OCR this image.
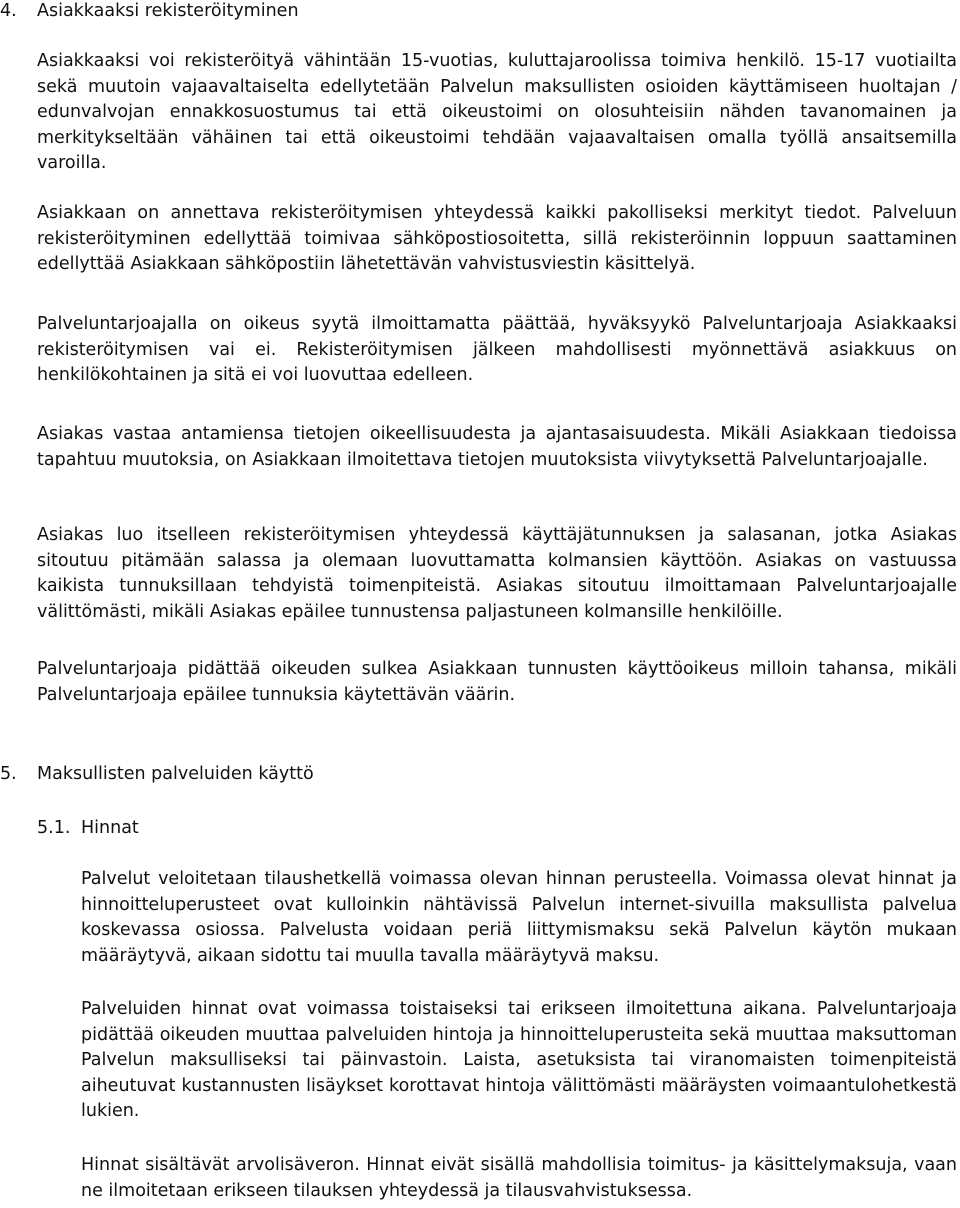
4. Asiakkaaksi rekisteröityminen

Asiakkaaksi voi rekisteröityä vähintään 15-vuotias, kuluttajaroolissa toimiva henkilö. 15-17 vuotiailta sekä muutoin vajaavaltaiselta edellytetään Palvelun maksullisten osioiden käyttämiseen huoltajan / edunvalvojan ennakkosuostumus tai että oikeustoimi on olosuhteisiin nähden tavanomainen ja merkitykseltään vähäinen tai että oikeustoimi tehdään vajaavaltaisen omalla työllä ansaitsemilla varoilla.

Asiakkaan on annettava rekisteröitymisen yhteydessä kaikki pakolliseksi merkityt tiedot. Palveluun rekisteröityminen edellyttää toimivaa sähköpostiosoitetta, sillä rekisteröinnin loppuun saattaminen edellyttää Asiakkaan sähköpostiin lähetettävän vahvistusviestin käsittelyä.

Palveluntarjoajalla on oikeus syytä ilmoittamatta päättää, hyväksyykö Palveluntarjoaja Asiakkaaksi rekisteröitymisen vai ei. Rekisteröitymisen jälkeen mahdollisesti myönnettävä asiakkuus on henkilökohtainen ja sitä ei voi luovuttaa edelleen.

Asiakas vastaa antamiensa tietojen oikeellisuudesta ja ajantasaisuudesta. Mikäli Asiakkaan tiedoissa tapahtuu muutoksia, on Asiakkaan ilmoitettava tietojen muutoksista viivytyksettä Palveluntarjoajalle.

Asiakas luo itselleen rekisteröitymisen yhteydessä käyttäjätunnuksen ja salasanan, jotka Asiakas sitoutuu pitämään salassa ja olemaan luovuttamatta kolmansien käyttöön. Asiakas on vastuussa kaikista tunnuksillaan tehdyistä toimenpiteistä. Asiakas sitoutuu ilmoittamaan Palveluntarjoajalle välittömästi, mikäli Asiakas epäilee tunnustensa paljastuneen kolmansille henkilöille.

Palveluntarjoaja pidättää oikeuden sulkea Asiakkaan tunnusten käyttöoikeus milloin tahansa, mikäli Palveluntarjoaja epäilee tunnuksia käytettävän väärin.

5. Maksullisten palveluiden käyttö
5.1. Hinnat

Palvelut veloitetaan tilaushetkellä voimassa olevan hinnan perusteella. Voimassa olevat hinnat ja hinnoitteluperusteet ovat kulloinkin nähtävissä Palvelun internet-sivuilla maksullista palvelua koskevassa osiossa. Palvelusta voidaan periä liittymismaksu sekä Palvelun käytön mukaan määräytyvä, aikaan sidottu tai muulla tavalla määräytyvä maksu.

Palveluiden hinnat ovat voimassa toistaiseksi tai erikseen ilmoitettuna aikana. Palveluntarjoaja pidättää oikeuden muuttaa palveluiden hintoja ja hinnoitteluperusteita sekä muuttaa maksuttoman Palvelun maksulliseksi tai päinvastoin. Laista, asetuksista tai viranomaisten toimenpiteistä aiheutuvat kustannusten lisäykset korottavat hintoja välittömästi määräysten voimaantulohetkestä lukien.

Hinnat sisältävät arvolisäveron. Hinnat eivät sisällä mahdollisia toimitus- ja käsittelymaksuja, vaan ne ilmoitetaan erikseen tilauksen yhteydessä ja tilausvahvistuksessa.
